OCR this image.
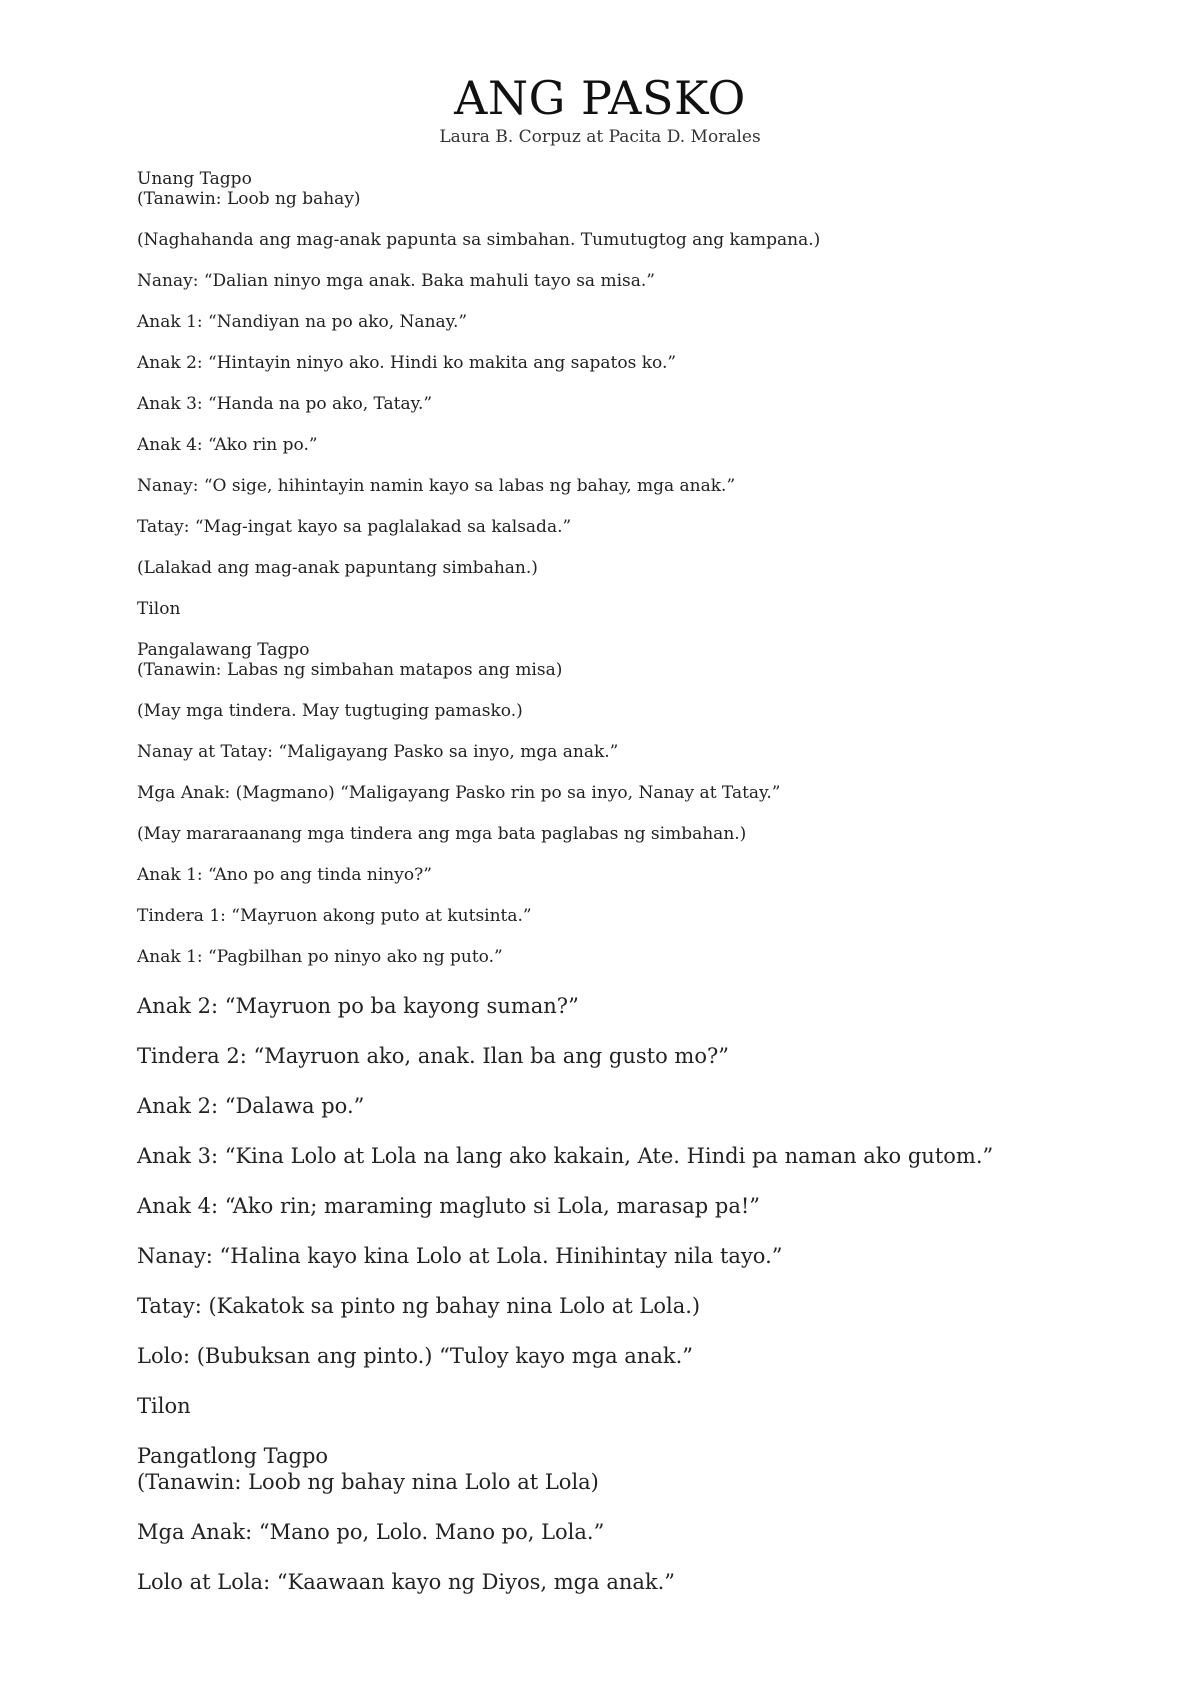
ANG PASKO
Laura B. Corpuz at Pacita D. Morales
Unang Tagpo
(Tanawin: Loob ng bahay)
(Naghahanda ang mag-anak papunta sa simbahan. Tumutugtog ang kampana.)
Nanay: “Dalian ninyo mga anak. Baka mahuli tayo sa misa.”
Anak 1: “Nandiyan na po ako, Nanay.”
Anak 2: “Hintayin ninyo ako. Hindi ko makita ang sapatos ko.”
Anak 3: “Handa na po ako, Tatay.”
Anak 4: “Ako rin po.”
Nanay: “O sige, hihintayin namin kayo sa labas ng bahay, mga anak.”
Tatay: “Mag-ingat kayo sa paglalakad sa kalsada.”
(Lalakad ang mag-anak papuntang simbahan.)
Tilon
Pangalawang Tagpo
(Tanawin: Labas ng simbahan matapos ang misa)
(May mga tindera. May tugtuging pamasko.)
Nanay at Tatay: “Maligayang Pasko sa inyo, mga anak.”
Mga Anak: (Magmano) “Maligayang Pasko rin po sa inyo, Nanay at Tatay.”
(May mararaanang mga tindera ang mga bata paglabas ng simbahan.)
Anak 1: “Ano po ang tinda ninyo?”
Tindera 1: “Mayruon akong puto at kutsinta.”
Anak 1: “Pagbilhan po ninyo ako ng puto.”
Anak 2: “Mayruon po ba kayong suman?”
Tindera 2: “Mayruon ako, anak. Ilan ba ang gusto mo?”
Anak 2: “Dalawa po.”
Anak 3: “Kina Lolo at Lola na lang ako kakain, Ate. Hindi pa naman ako gutom.”
Anak 4: “Ako rin; maraming magluto si Lola, marasap pa!”
Nanay: “Halina kayo kina Lolo at Lola. Hinihintay nila tayo.”
Tatay: (Kakatok sa pinto ng bahay nina Lolo at Lola.)
Lolo: (Bubuksan ang pinto.) “Tuloy kayo mga anak.”
Tilon
Pangatlong Tagpo
(Tanawin: Loob ng bahay nina Lolo at Lola)
Mga Anak: “Mano po, Lolo. Mano po, Lola.”
Lolo at Lola: “Kaawaan kayo ng Diyos, mga anak.”
